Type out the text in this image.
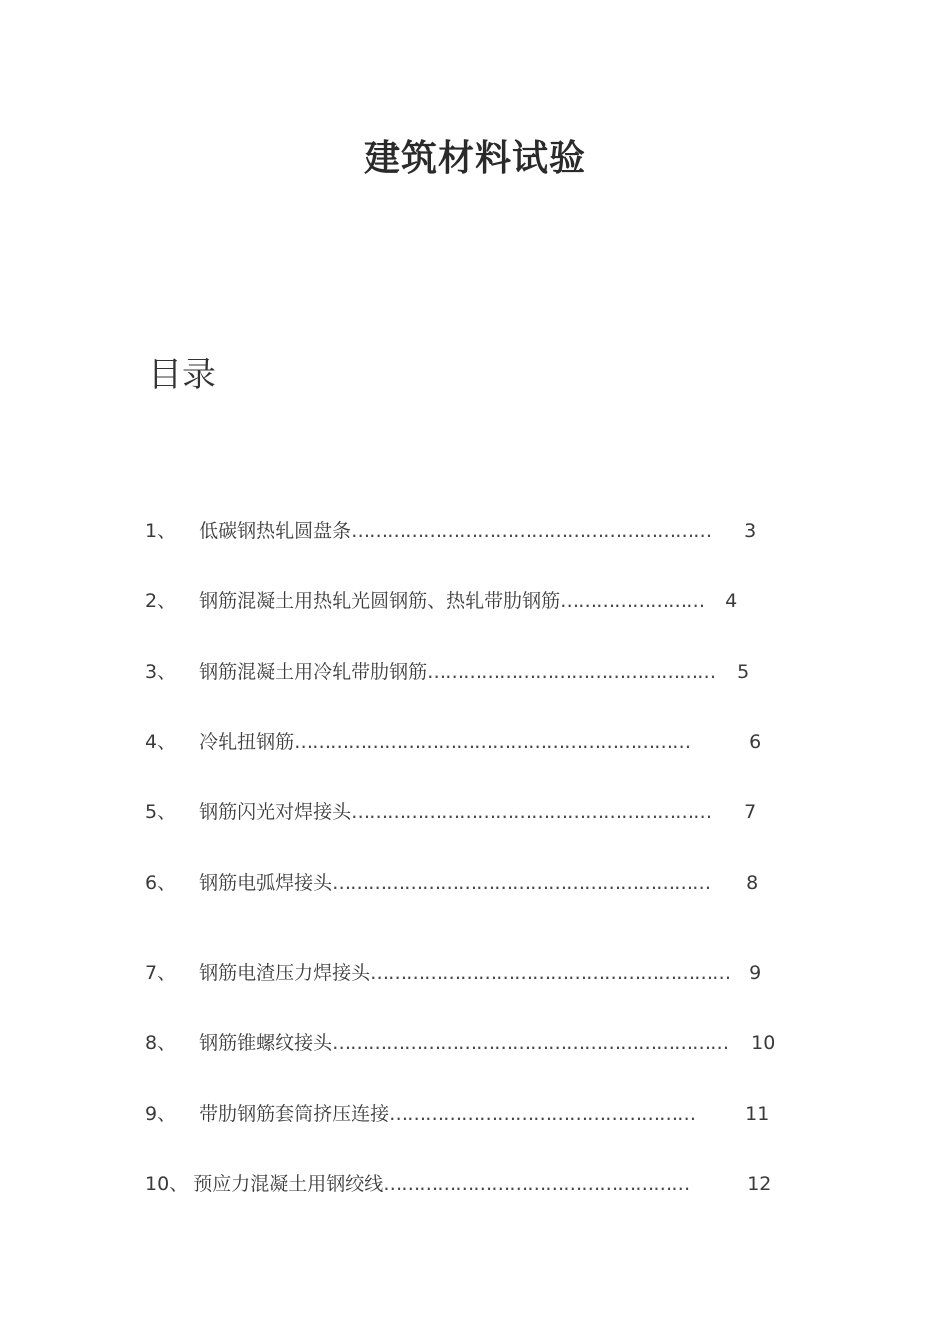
建筑材料试验
目录
1 、	低碳钢热轧圆盘条 ……………………………………………………	3
2 、	钢筋混凝土用热轧光圆钢筋、热轧带肋钢筋 ……………………	4
3 、	钢筋混凝土用冷轧带肋钢筋 …………………………………………	5
4 、	冷轧扭钢筋 …………………………………………………………	6
5 、	钢筋闪光对焊接头 ……………………………………………………	7
6 、	钢筋电弧焊接头 ………………………………………………………	8
7 、	钢筋电渣压力焊接头 ……………………………………………………	9
8 、	钢筋锥螺纹接头 …………………………………………………………	10
9 、	带肋钢筋套筒挤压连接 ……………………………………………	11
10 、 预应力混凝土用钢绞线 ……………………………………………	12
